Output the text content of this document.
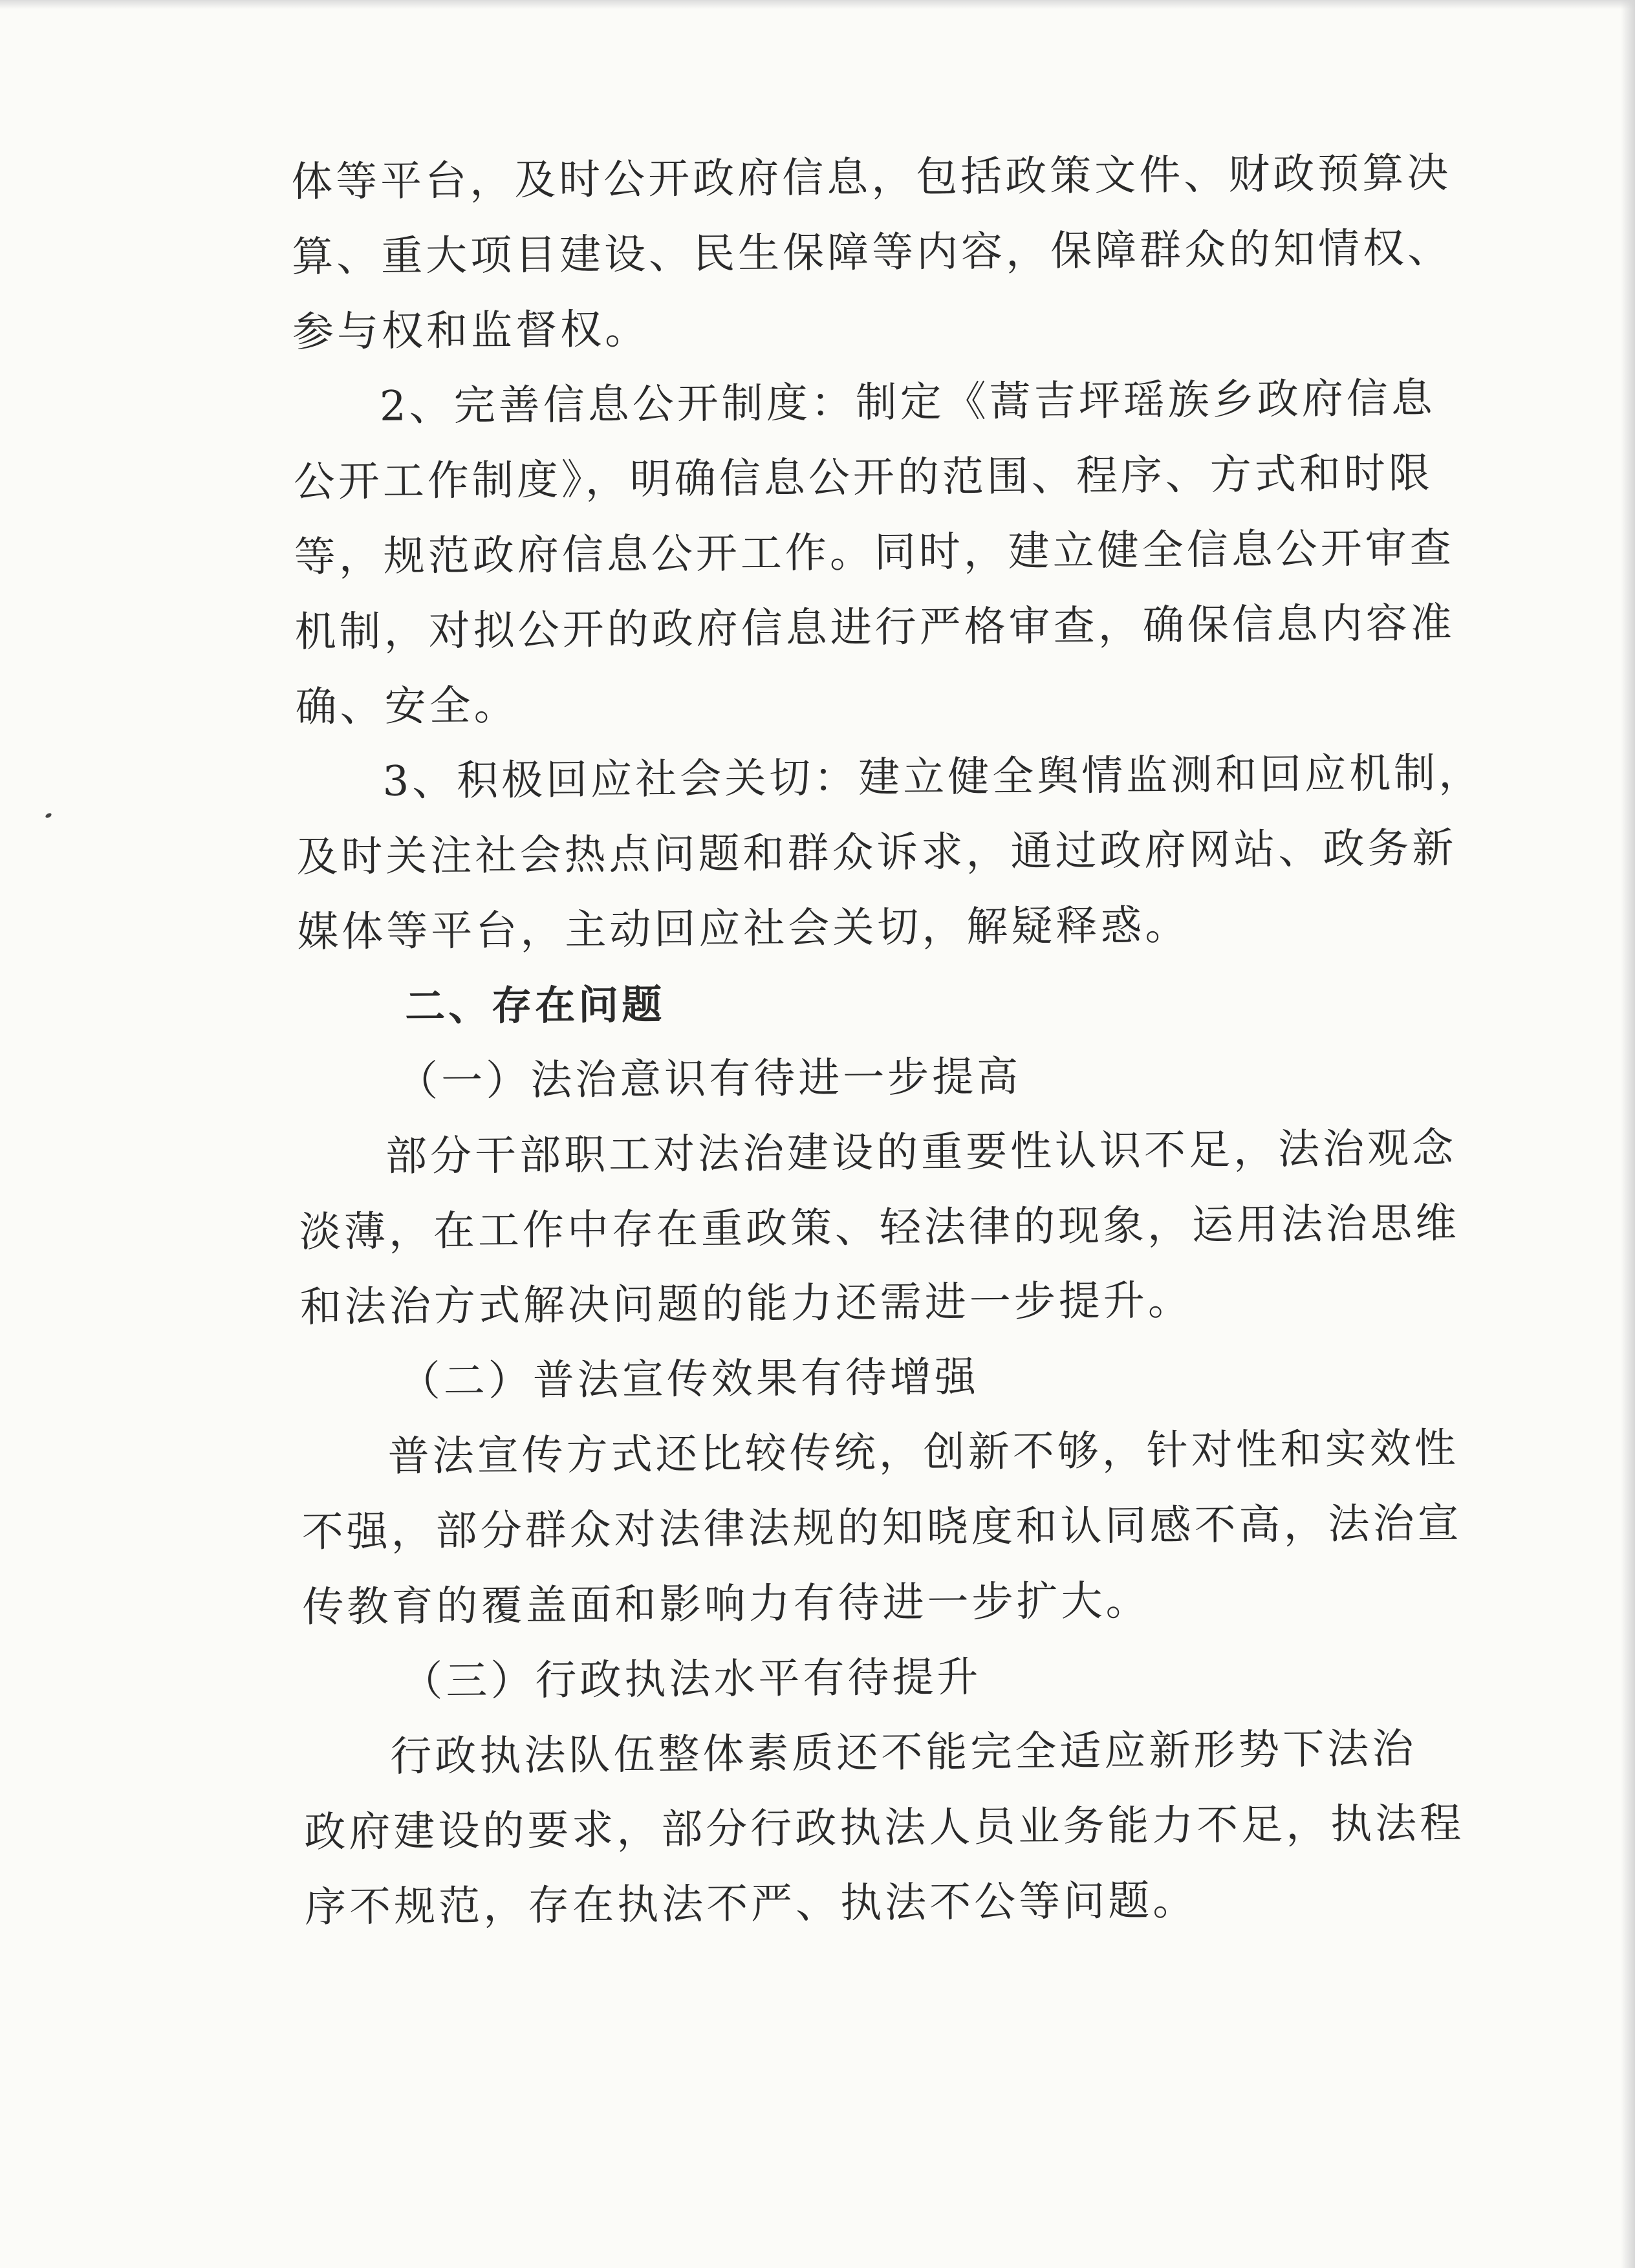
体等平台，及时公开政府信息，包括政策文件、财政预算决
算、重大项目建设、民生保障等内容，保障群众的知情权、
参与权和监督权。
2、完善信息公开制度：制定《蒿吉坪瑶族乡政府信息
公开工作制度》，明确信息公开的范围、程序、方式和时限
等，规范政府信息公开工作。同时，建立健全信息公开审查
机制，对拟公开的政府信息进行严格审查，确保信息内容准
确、安全。
3、积极回应社会关切：建立健全舆情监测和回应机制，
及时关注社会热点问题和群众诉求，通过政府网站、政务新
媒体等平台，主动回应社会关切，解疑释惑。
二、存在问题
（一）法治意识有待进一步提高
部分干部职工对法治建设的重要性认识不足，法治观念
淡薄，在工作中存在重政策、轻法律的现象，运用法治思维
和法治方式解决问题的能力还需进一步提升。
（二）普法宣传效果有待增强
普法宣传方式还比较传统，创新不够，针对性和实效性
不强，部分群众对法律法规的知晓度和认同感不高，法治宣
传教育的覆盖面和影响力有待进一步扩大。
（三）行政执法水平有待提升
行政执法队伍整体素质还不能完全适应新形势下法治
政府建设的要求，部分行政执法人员业务能力不足，执法程
序不规范，存在执法不严、执法不公等问题。
